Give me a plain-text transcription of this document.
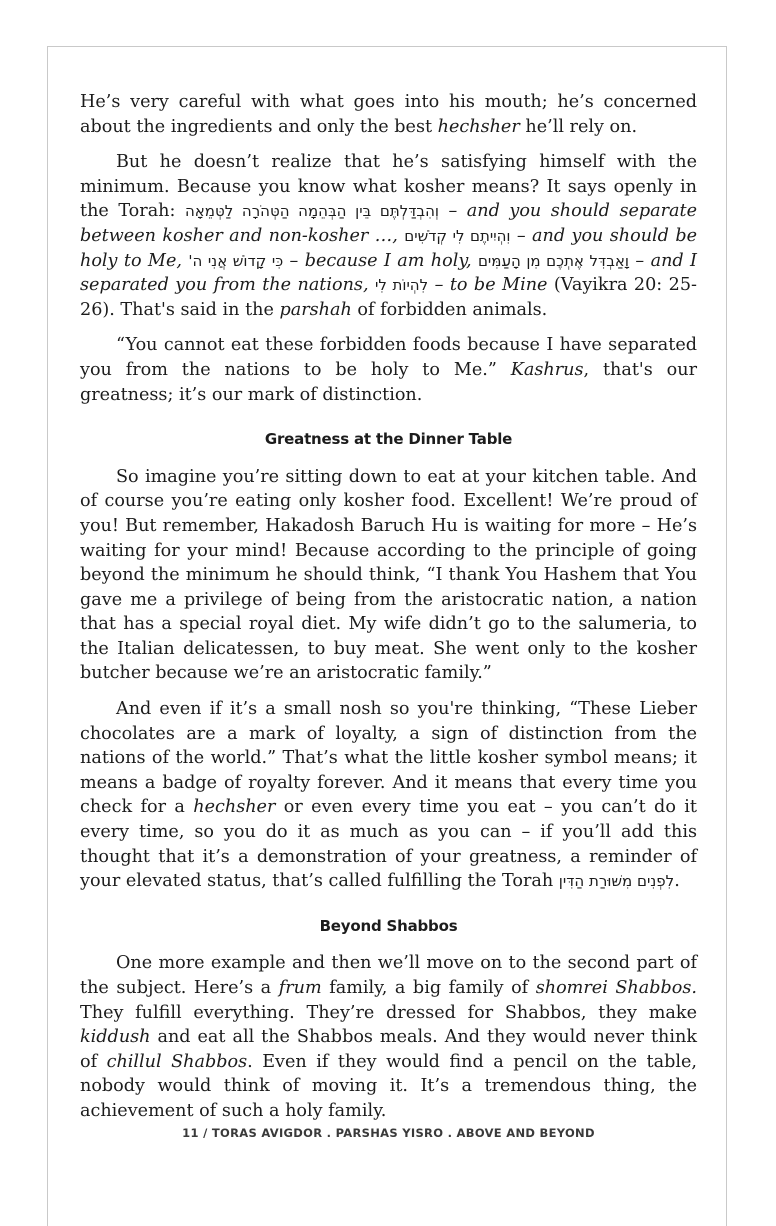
He’s very careful with what goes into his mouth; he’s concerned about the ingredients and only the best hechsher he’ll rely on.

But he doesn’t realize that he’s satisfying himself with the minimum. Because you know what kosher means? It says openly in the Torah: וְהִבְדַּלְתֶּם בֵּין הַבְּהֵמָה הַטְּהֹרָה לַטְּמֵאָה – and you should separate between kosher and non-kosher …, וִהְיִיתֶם לִי קְדֹשִׁים – and you should be holy to Me, כִּי קָדוֹשׁ אֲנִי ה' – because I am holy, וָאַבְדִּל אֶתְכֶם מִן הָעַמִּים – and I separated you from the nations, לִהְיוֹת לִי – to be Mine (Vayikra 20: 25-26). That's said in the parshah of forbidden animals.

“You cannot eat these forbidden foods because I have separated you from the nations to be holy to Me.” Kashrus, that's our greatness; it’s our mark of distinction.

Greatness at the Dinner Table

So imagine you’re sitting down to eat at your kitchen table. And of course you’re eating only kosher food. Excellent! We’re proud of you! But remember, Hakadosh Baruch Hu is waiting for more – He’s waiting for your mind! Because according to the principle of going beyond the minimum he should think, “I thank You Hashem that You gave me a privilege of being from the aristocratic nation, a nation that has a special royal diet. My wife didn’t go to the salumeria, to the Italian delicatessen, to buy meat. She went only to the kosher butcher because we’re an aristocratic family.”

And even if it’s a small nosh so you're thinking, “These Lieber chocolates are a mark of loyalty, a sign of distinction from the nations of the world.” That’s what the little kosher symbol means; it means a badge of royalty forever. And it means that every time you check for a hechsher or even every time you eat – you can’t do it every time, so you do it as much as you can – if you’ll add this thought that it’s a demonstration of your greatness, a reminder of your elevated status, that’s called fulfilling the Torah לִפְנִים מִשּׁוּרַת הַדִּין.

Beyond Shabbos

One more example and then we’ll move on to the second part of the subject. Here’s a frum family, a big family of shomrei Shabbos. They fulfill everything. They’re dressed for Shabbos, they make kiddush and eat all the Shabbos meals. And they would never think of chillul Shabbos. Even if they would find a pencil on the table, nobody would think of moving it. It’s a tremendous thing, the achievement of such a holy family.

11 / TORAS AVIGDOR . PARSHAS YISRO . ABOVE AND BEYOND
